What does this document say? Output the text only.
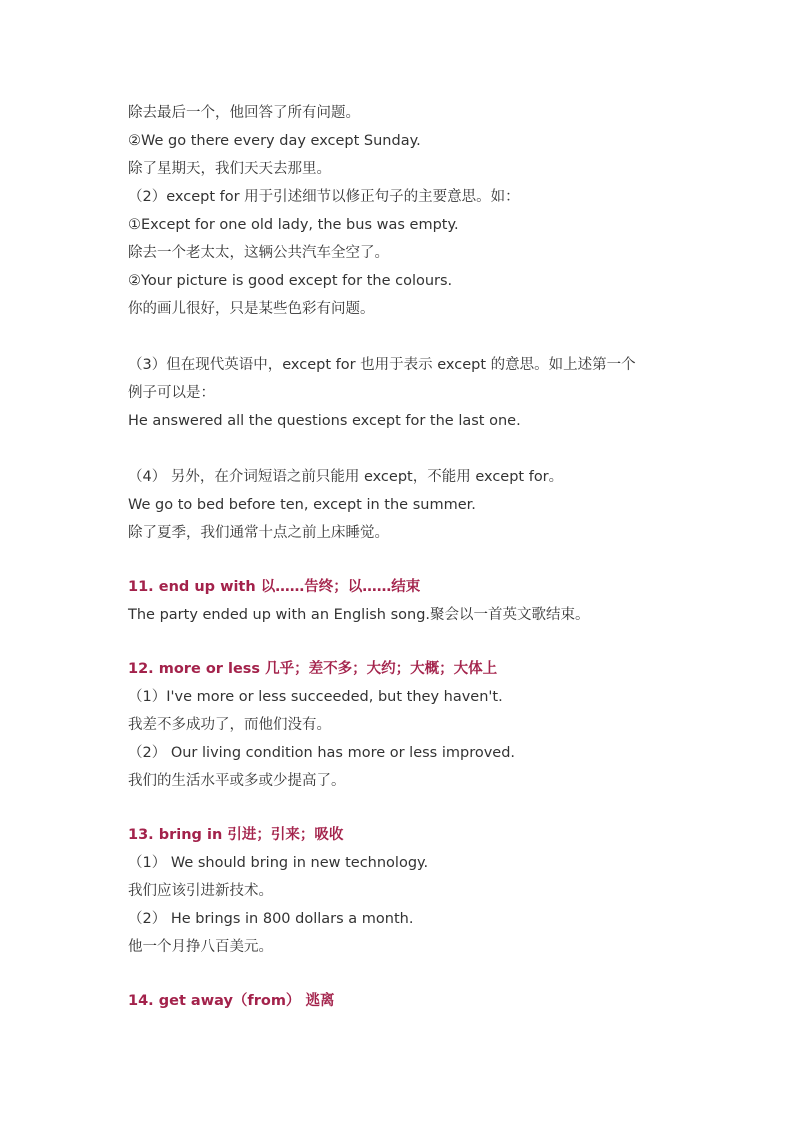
除去最后一个，他回答了所有问题。
②We go there every day except Sunday.
除了星期天，我们天天去那里。
（2）except for 用于引述细节以修正句子的主要意思。如：
①Except for one old lady, the bus was empty.
除去一个老太太，这辆公共汽车全空了。
②Your picture is good except for the colours.
你的画儿很好，只是某些色彩有问题。
（3）但在现代英语中，except for 也用于表示 except 的意思。如上述第一个
例子可以是：
He answered all the questions except for the last one.
（4） 另外，在介词短语之前只能用 except，不能用 except for。
We go to bed before ten, except in the summer.
除了夏季，我们通常十点之前上床睡觉。
11. end up with 以……告终；以……结束
The party ended up with an English song.聚会以一首英文歌结束。
12. more or less 几乎；差不多；大约；大概；大体上
（1）I've more or less succeeded, but they haven't.
我差不多成功了，而他们没有。
（2） Our living condition has more or less improved.
我们的生活水平或多或少提高了。
13. bring in 引进；引来；吸收
（1） We should bring in new technology.
我们应该引进新技术。
（2） He brings in 800 dollars a month.
他一个月挣八百美元。
14. get away（from） 逃离
